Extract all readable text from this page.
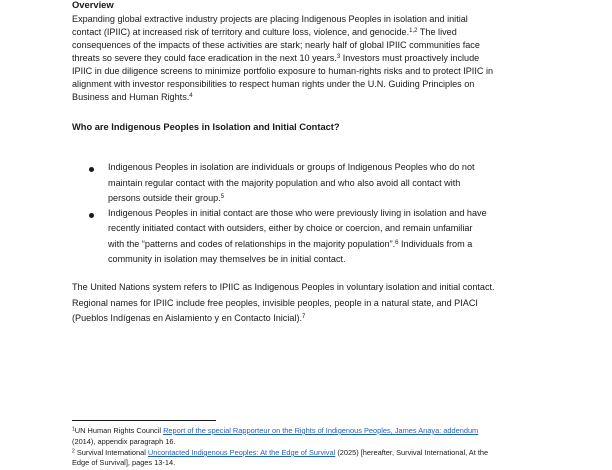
Overview
Expanding global extractive industry projects are placing Indigenous Peoples in isolation and initial
contact (IPIIC) at increased risk of territory and culture loss, violence, and genocide.$^{1,2}$ The lived
consequences of the impacts of these activities are stark; nearly half of global IPIIC communities face
threats so severe they could face eradication in the next 10 years.$^3$ Investors must proactively include
IPIIC in due diligence screens to minimize portfolio exposure to human-rights risks and to protect IPIIC in
alignment with investor responsibilities to respect human rights under the U.N. Guiding Principles on
Business and Human Rights.$^4$
Who are Indigenous Peoples in Isolation and Initial Contact?
Indigenous Peoples in isolation are individuals or groups of Indigenous Peoples who do not
maintain regular contact with the majority population and who also avoid all contact with
persons outside their group.$^5$
Indigenous Peoples in initial contact are those who were previously living in isolation and have
recently initiated contact with outsiders, either by choice or coercion, and remain unfamiliar
with the “patterns and codes of relationships in the majority population”.$^6$ Individuals from a
community in isolation may themselves be in initial contact.
The United Nations system refers to IPIIC as Indigenous Peoples in voluntary isolation and initial contact.
Regional names for IPIIC include free peoples, invisible peoples, people in a natural state, and PIACI
(Pueblos Indígenas en Aislamiento y en Contacto Inicial).$^7$
$^1$UN Human Rights Council Report of the special Rapporteur on the Rights of Indigenous Peoples, James Anaya: addendum
(2014), appendix paragraph 16.
$^2$ Survival International Uncontacted Indigenous Peoples: At the Edge of Survival (2025) [hereafter, Survival International, At the
Edge of Survival], pages 13-14.
